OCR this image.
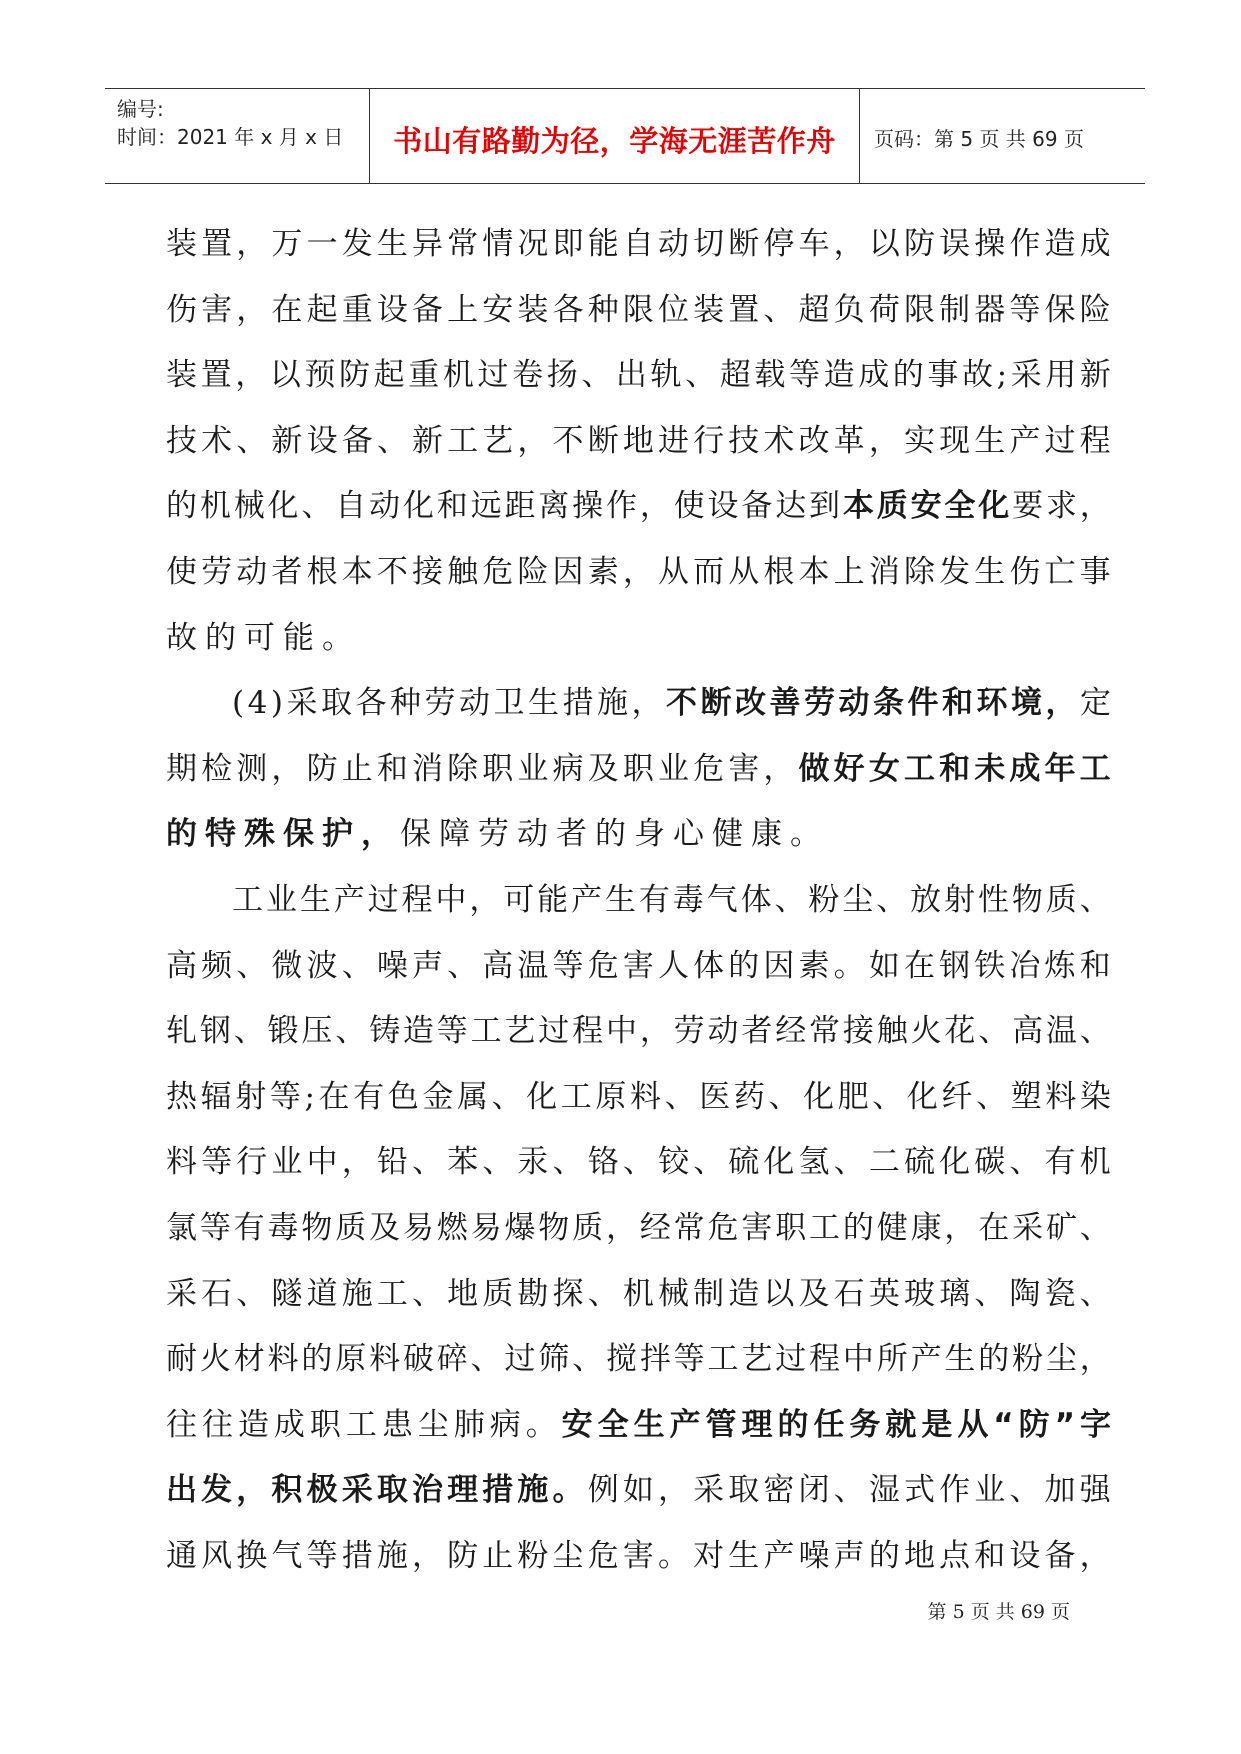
编号:
时间：2021 年 x 月 x 日	书山有路勤为径，学海无涯苦作舟	页码：第 5 页 共 69 页
装 置 ， 万 一 发 生 异 常 情 况 即 能 自 动 切 断 停 车 ， 以 防 误 操 作 造 成
伤 害 ， 在 起 重 设 备 上 安 装 各 种 限 位 装 置 、 超 负 荷 限 制 器 等 保 险
装 置 ， 以 预 防 起 重 机 过 卷 扬 、 出 轨 、 超 载 等 造 成 的 事 故 ; 采 用 新
技 术 、 新 设 备 、 新 工 艺 ， 不 断 地 进 行 技 术 改 革 ， 实 现 生 产 过 程
的 机 械 化 、 自 动 化 和 远 距 离 操 作 ， 使 设 备 达 到 本 质 安 全 化 要 求 ，
使 劳 动 者 根 本 不 接 触 危 险 因 素 ， 从 而 从 根 本 上 消 除 发 生 伤 亡 事
故的可能。
( 4 ) 采 取 各 种 劳 动 卫 生 措 施 ， 不 断 改 善 劳 动 条 件 和 环 境 ， 定
期 检 测 ， 防 止 和 消 除 职 业 病 及 职 业 危 害 ， 做 好 女 工 和 未 成 年 工
的特殊保护，保障劳动者的身心健康。
工 业 生 产 过 程 中 ， 可 能 产 生 有 毒 气 体 、 粉 尘 、 放 射 性 物 质 、
高 频 、 微 波 、 噪 声 、 高 温 等 危 害 人 体 的 因 素 。 如 在 钢 铁 冶 炼 和
轧 钢 、 锻 压 、 铸 造 等 工 艺 过 程 中 ， 劳 动 者 经 常 接 触 火 花 、 高 温 、
热 辐 射 等 ; 在 有 色 金 属 、 化 工 原 料 、 医 药 、 化 肥 、 化 纤 、 塑 料 染
料 等 行 业 中 ， 铅 、 苯 、 汞 、 铬 、 铰 、 硫 化 氢 、 二 硫 化 碳 、 有 机
氯 等 有 毒 物 质 及 易 燃 易 爆 物 质 ， 经 常 危 害 职 工 的 健 康 ， 在 采 矿 、
采 石 、 隧 道 施 工 、 地 质 勘 探 、 机 械 制 造 以 及 石 英 玻 璃 、 陶 瓷 、
耐 火 材 料 的 原 料 破 碎 、 过 筛 、 搅 拌 等 工 艺 过 程 中 所 产 生 的 粉 尘 ，
往 往 造 成 职 工 患 尘 肺 病 。 安 全 生 产 管 理 的 任 务 就 是 从 “ 防 ” 字
出 发 ， 积 极 采 取 治 理 措 施 。 例 如 ， 采 取 密 闭 、 湿 式 作 业 、 加 强
通 风 换 气 等 措 施 ， 防 止 粉 尘 危 害 。 对 生 产 噪 声 的 地 点 和 设 备 ，
第 5 页 共 69 页
